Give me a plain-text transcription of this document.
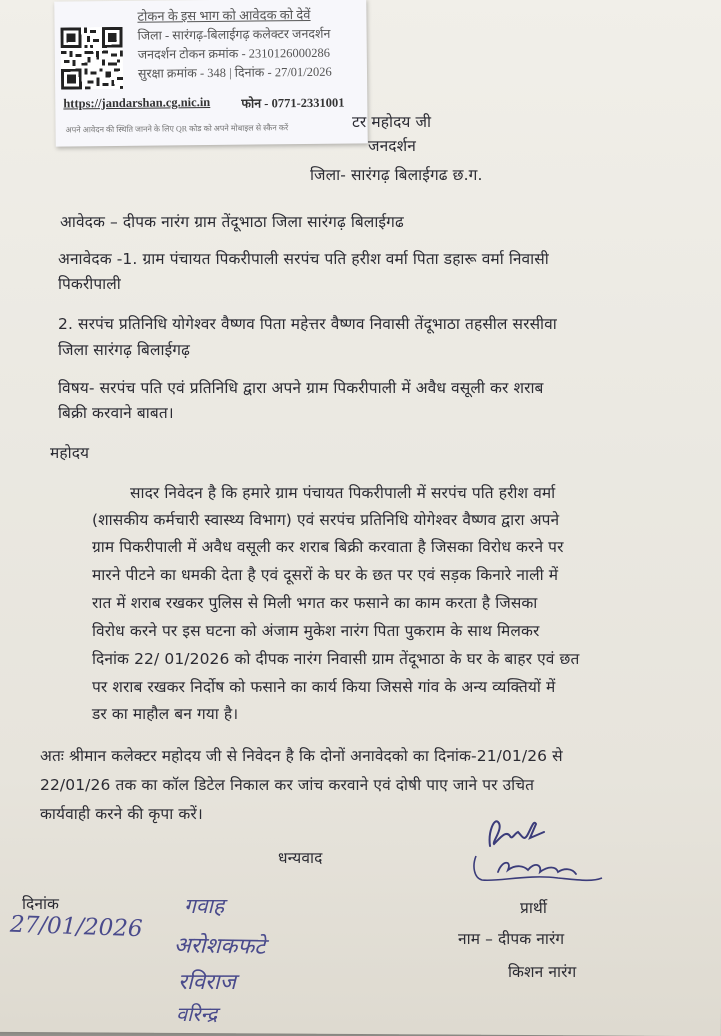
टोकन के इस भाग को आवेदक को देवें
जिला - सारंगढ़-बिलाईगढ़ कलेक्टर जनदर्शन
जनदर्शन टोकन क्रमांक - 2310126000286
सुरक्षा क्रमांक - 348 | दिनांक - 27/01/2026
https://jandarshan.cg.nic.in फोन - 0771-2331001
अपने आवेदन की स्थिति जानने के लिए QR कोड को अपने मोबाइल से स्कैन करें	टर महोदय जी
जनदर्शन
जिला- सारंगढ़ बिलाईगढ छ.ग.
आवेदक – दीपक नारंग ग्राम तेंदूभाठा जिला सारंगढ़ बिलाईगढ
अनावेदक -1. ग्राम पंचायत पिकरीपाली सरपंच पति हरीश वर्मा पिता डहारू वर्मा निवासी
पिकरीपाली
2. सरपंच प्रतिनिधि योगेश्वर वैष्णव पिता महेत्तर वैष्णव निवासी तेंदूभाठा तहसील सरसीवा
जिला सारंगढ़ बिलाईगढ़
विषय- सरपंच पति एवं प्रतिनिधि द्वारा अपने ग्राम पिकरीपाली में अवैध वसूली कर शराब
बिक्री करवाने बाबत।
महोदय
सादर निवेदन है कि हमारे ग्राम पंचायत पिकरीपाली में सरपंच पति हरीश वर्मा
(शासकीय कर्मचारी स्वास्थ्य विभाग) एवं सरपंच प्रतिनिधि योगेश्वर वैष्णव द्वारा अपने
ग्राम पिकरीपाली में अवैध वसूली कर शराब बिक्री करवाता है जिसका विरोध करने पर
मारने पीटने का धमकी देता है एवं दूसरों के घर के छत पर एवं सड़क किनारे नाली में
रात में शराब रखकर पुलिस से मिली भगत कर फसाने का काम करता है जिसका
विरोध करने पर इस घटना को अंजाम मुकेश नारंग पिता पुकराम के साथ मिलकर
दिनांक 22/ 01/2026 को दीपक नारंग निवासी ग्राम तेंदूभाठा के घर के बाहर एवं छत
पर शराब रखकर निर्दोष को फसाने का कार्य किया जिससे गांव के अन्य व्यक्तियों में
डर का माहौल बन गया है।
अतः श्रीमान कलेक्टर महोदय जी से निवेदन है कि दोनों अनावेदको का दिनांक-21/01/26 से
22/01/26 तक का कॉल डिटेल निकाल कर जांच करवाने एवं दोषी पाए जाने पर उचित
कार्यवाही करने की कृपा करें।
धन्यवाद
प्रार्थी
दिनांक
नाम – दीपक नारंग
किशन नारंग
27/01/2026
गवाह
अरोशकफटे
रविराज
वरिन्द्र
